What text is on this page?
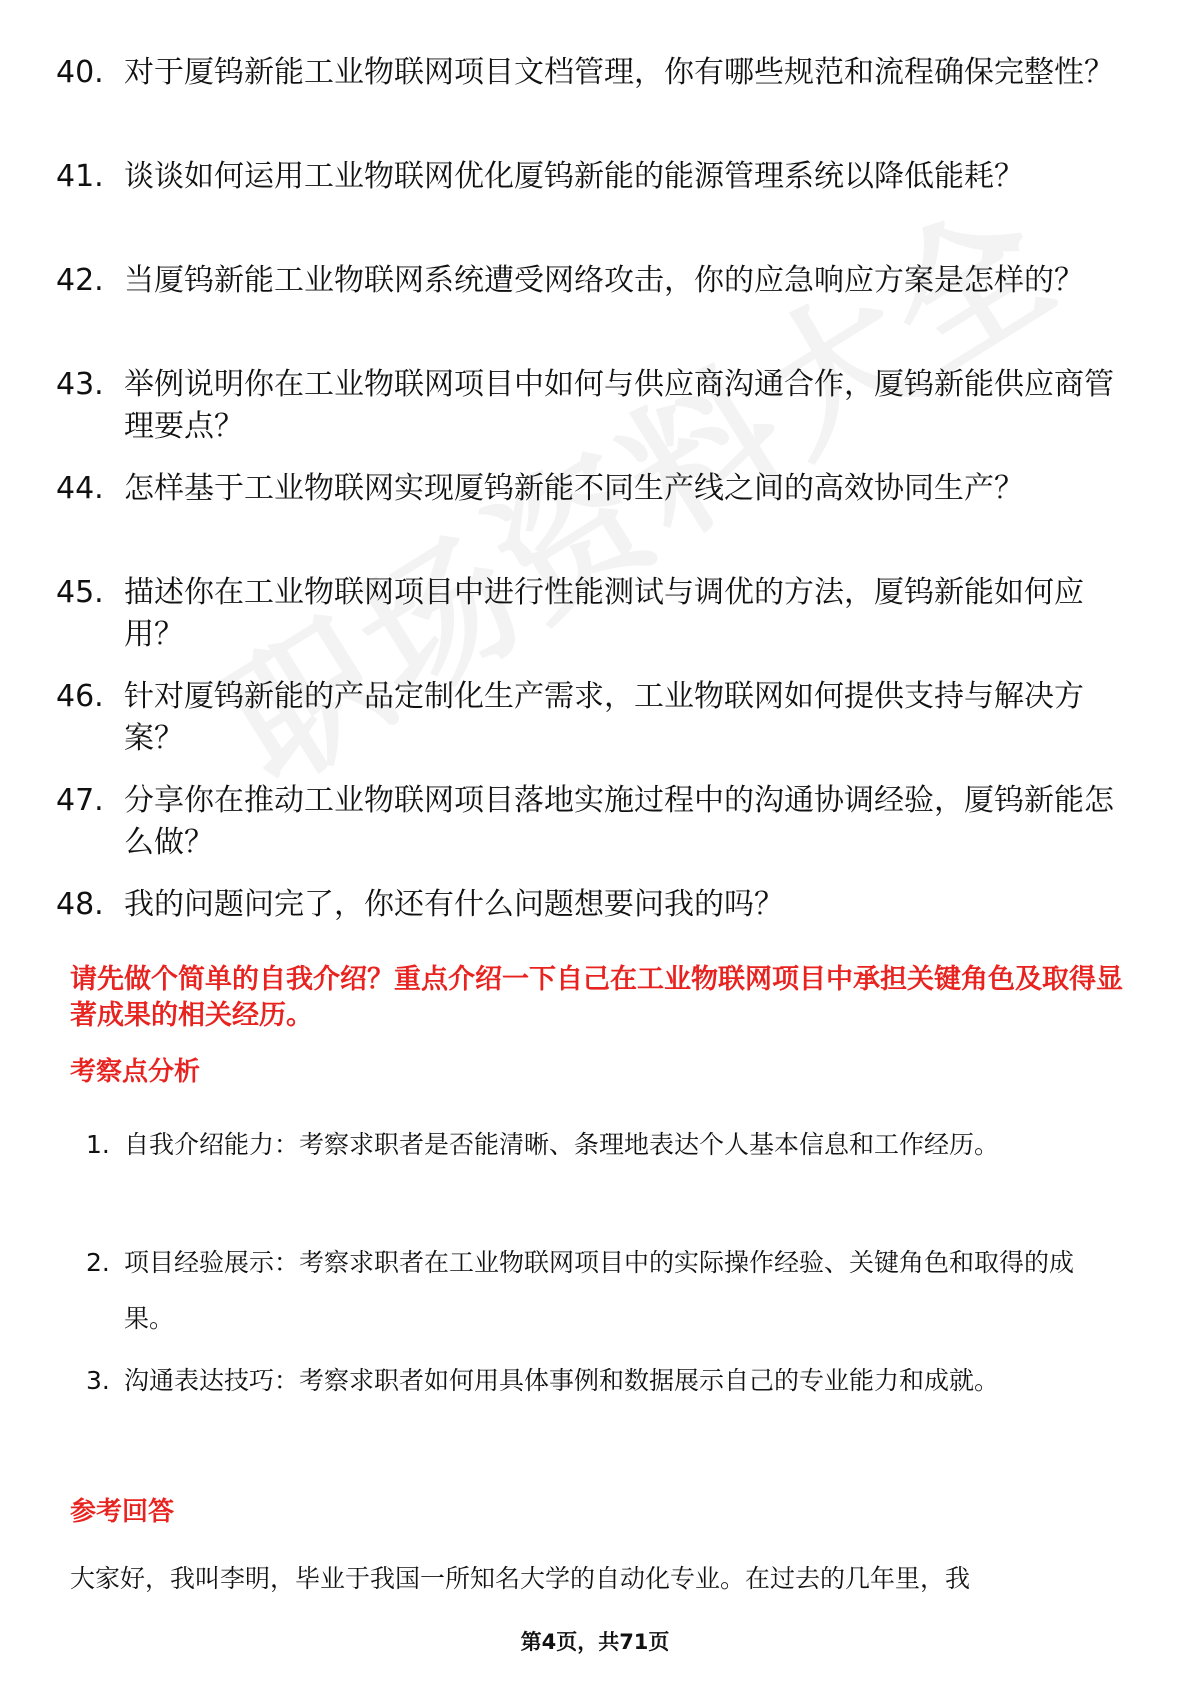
40. 对于厦钨新能工业物联网项目文档管理，你有哪些规范和流程确保完整性？
41. 谈谈如何运用工业物联网优化厦钨新能的能源管理系统以降低能耗？
42. 当厦钨新能工业物联网系统遭受网络攻击，你的应急响应方案是怎样的？
43. 举例说明你在工业物联网项目中如何与供应商沟通合作，厦钨新能供应商管理要点？
44. 怎样基于工业物联网实现厦钨新能不同生产线之间的高效协同生产？
45. 描述你在工业物联网项目中进行性能测试与调优的方法，厦钨新能如何应用？
46. 针对厦钨新能的产品定制化生产需求，工业物联网如何提供支持与解决方案？
47. 分享你在推动工业物联网项目落地实施过程中的沟通协调经验，厦钨新能怎么做？
48. 我的问题问完了，你还有什么问题想要问我的吗？
请先做个简单的自我介绍？重点介绍一下自己在工业物联网项目中承担关键角色及取得显著成果的相关经历。
考察点分析
1. 自我介绍能力：考察求职者是否能清晰、条理地表达个人基本信息和工作经历。
2. 项目经验展示：考察求职者在工业物联网项目中的实际操作经验、关键角色和取得的成果。
3. 沟通表达技巧：考察求职者如何用具体事例和数据展示自己的专业能力和成就。
参考回答
大家好，我叫李明，毕业于我国一所知名大学的自动化专业。在过去的几年里，我
第4页，共71页
